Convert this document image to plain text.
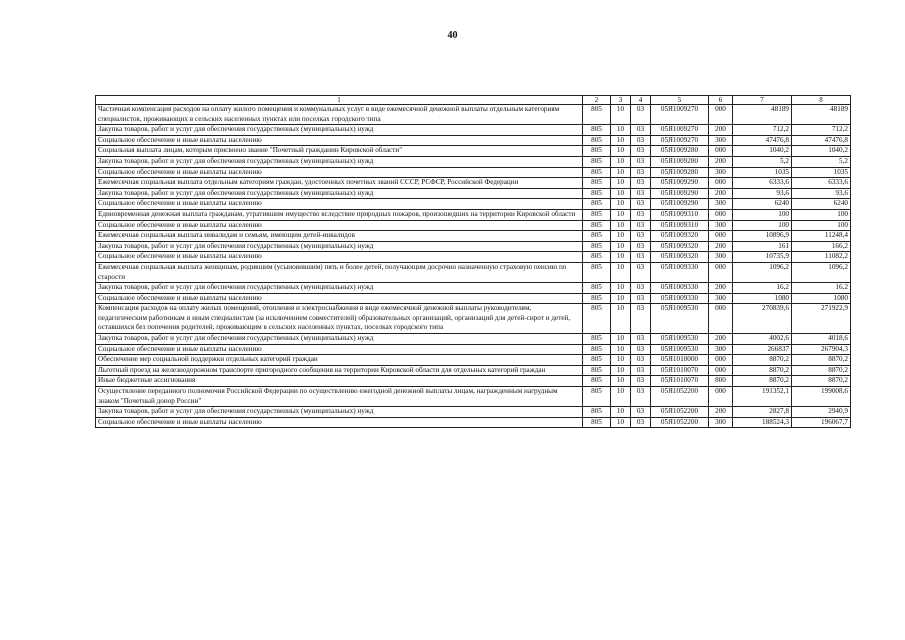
40
1	2	3	4	5	6	7	8
Частичная компенсация расходов на оплату жилого помещения и коммунальных услуг в виде ежемесячной денежной выплаты отдельным категориям специалистов, проживающих в сельских населенных пунктах или поселках городского типа	805	10	03	05Я1009270	000	48189	48189
Закупка товаров, работ и услуг для обеспечения государственных (муниципальных) нужд	805	10	03	05Я1009270	200	712,2	712,2
Социальное обеспечение и иные выплаты населению	805	10	03	05Я1009270	300	47476,8	47476,8
Социальная выплата лицам, которым присвоено звание "Почетный гражданин Кировской области"	805	10	03	05Я1009280	000	1040,2	1040,2
Закупка товаров, работ и услуг для обеспечения государственных (муниципальных) нужд	805	10	03	05Я1009280	200	5,2	5,2
Социальное обеспечение и иные выплаты населению	805	10	03	05Я1009280	300	1035	1035
Ежемесячная социальная выплата отдельным категориям граждан, удостоенных почетных званий СССР, РСФСР, Российской Федерации	805	10	03	05Я1009290	000	6333,6	6333,6
Закупка товаров, работ и услуг для обеспечения государственных (муниципальных) нужд	805	10	03	05Я1009290	200	93,6	93,6
Социальное обеспечение и иные выплаты населению	805	10	03	05Я1009290	300	6240	6240
Единовременная денежная выплата гражданам, утратившим имущество вследствие природных пожаров, произошедших на территории Кировской области	805	10	03	05Я1009310	000	100	100
Социальное обеспечение и иные выплаты населению	805	10	03	05Я1009310	300	100	100
Ежемесячная социальная выплата инвалидам и семьям, имеющим детей-инвалидов	805	10	03	05Я1009320	000	10896,9	11248,4
Закупка товаров, работ и услуг для обеспечения государственных (муниципальных) нужд	805	10	03	05Я1009320	200	161	166,2
Социальное обеспечение и иные выплаты населению	805	10	03	05Я1009320	300	10735,9	11082,2
Ежемесячная социальная выплата женщинам, родившим (усыновившим) пять и более детей, получающим досрочно назначенную страховую пенсию по старости	805	10	03	05Я1009330	000	1096,2	1096,2
Закупка товаров, работ и услуг для обеспечения государственных (муниципальных) нужд	805	10	03	05Я1009330	200	16,2	16,2
Социальное обеспечение и иные выплаты населению	805	10	03	05Я1009330	300	1080	1080
Компенсация расходов на оплату жилых помещений, отопления и электроснабжения в виде ежемесячной денежной выплаты руководителям, педагогическим работникам и иным специалистам (за исключением совместителей) образовательных организаций, организаций для детей-сирот и детей, оставшихся без попечения родителей, проживающим в сельских населенных пунктах, поселках городского типа	805	10	03	05Я1009530	000	270839,6	271922,9
Закупка товаров, работ и услуг для обеспечения государственных (муниципальных) нужд	805	10	03	05Я1009530	200	4002,6	4018,6
Социальное обеспечение и иные выплаты населению	805	10	03	05Я1009530	300	266837	267904,3
Обеспечение мер социальной поддержки отдельных категорий граждан	805	10	03	05Я1010000	000	8870,2	8870,2
Льготный проезд на железнодорожном транспорте пригородного сообщения на территории Кировской области для отдельных категорий граждан	805	10	03	05Я1010070	000	8870,2	8870,2
Иные бюджетные ассигнования	805	10	03	05Я1010070	800	8870,2	8870,2
Осуществление переданного полномочия Российской Федерации по осуществлению ежегодной денежной выплаты лицам, награжденным нагрудным знаком "Почетный донор России"	805	10	03	05Я1052200	000	191352,1	199008,6
Закупка товаров, работ и услуг для обеспечения государственных (муниципальных) нужд	805	10	03	05Я1052200	200	2827,8	2940,9
Социальное обеспечение и иные выплаты населению	805	10	03	05Я1052200	300	188524,3	196067,7
